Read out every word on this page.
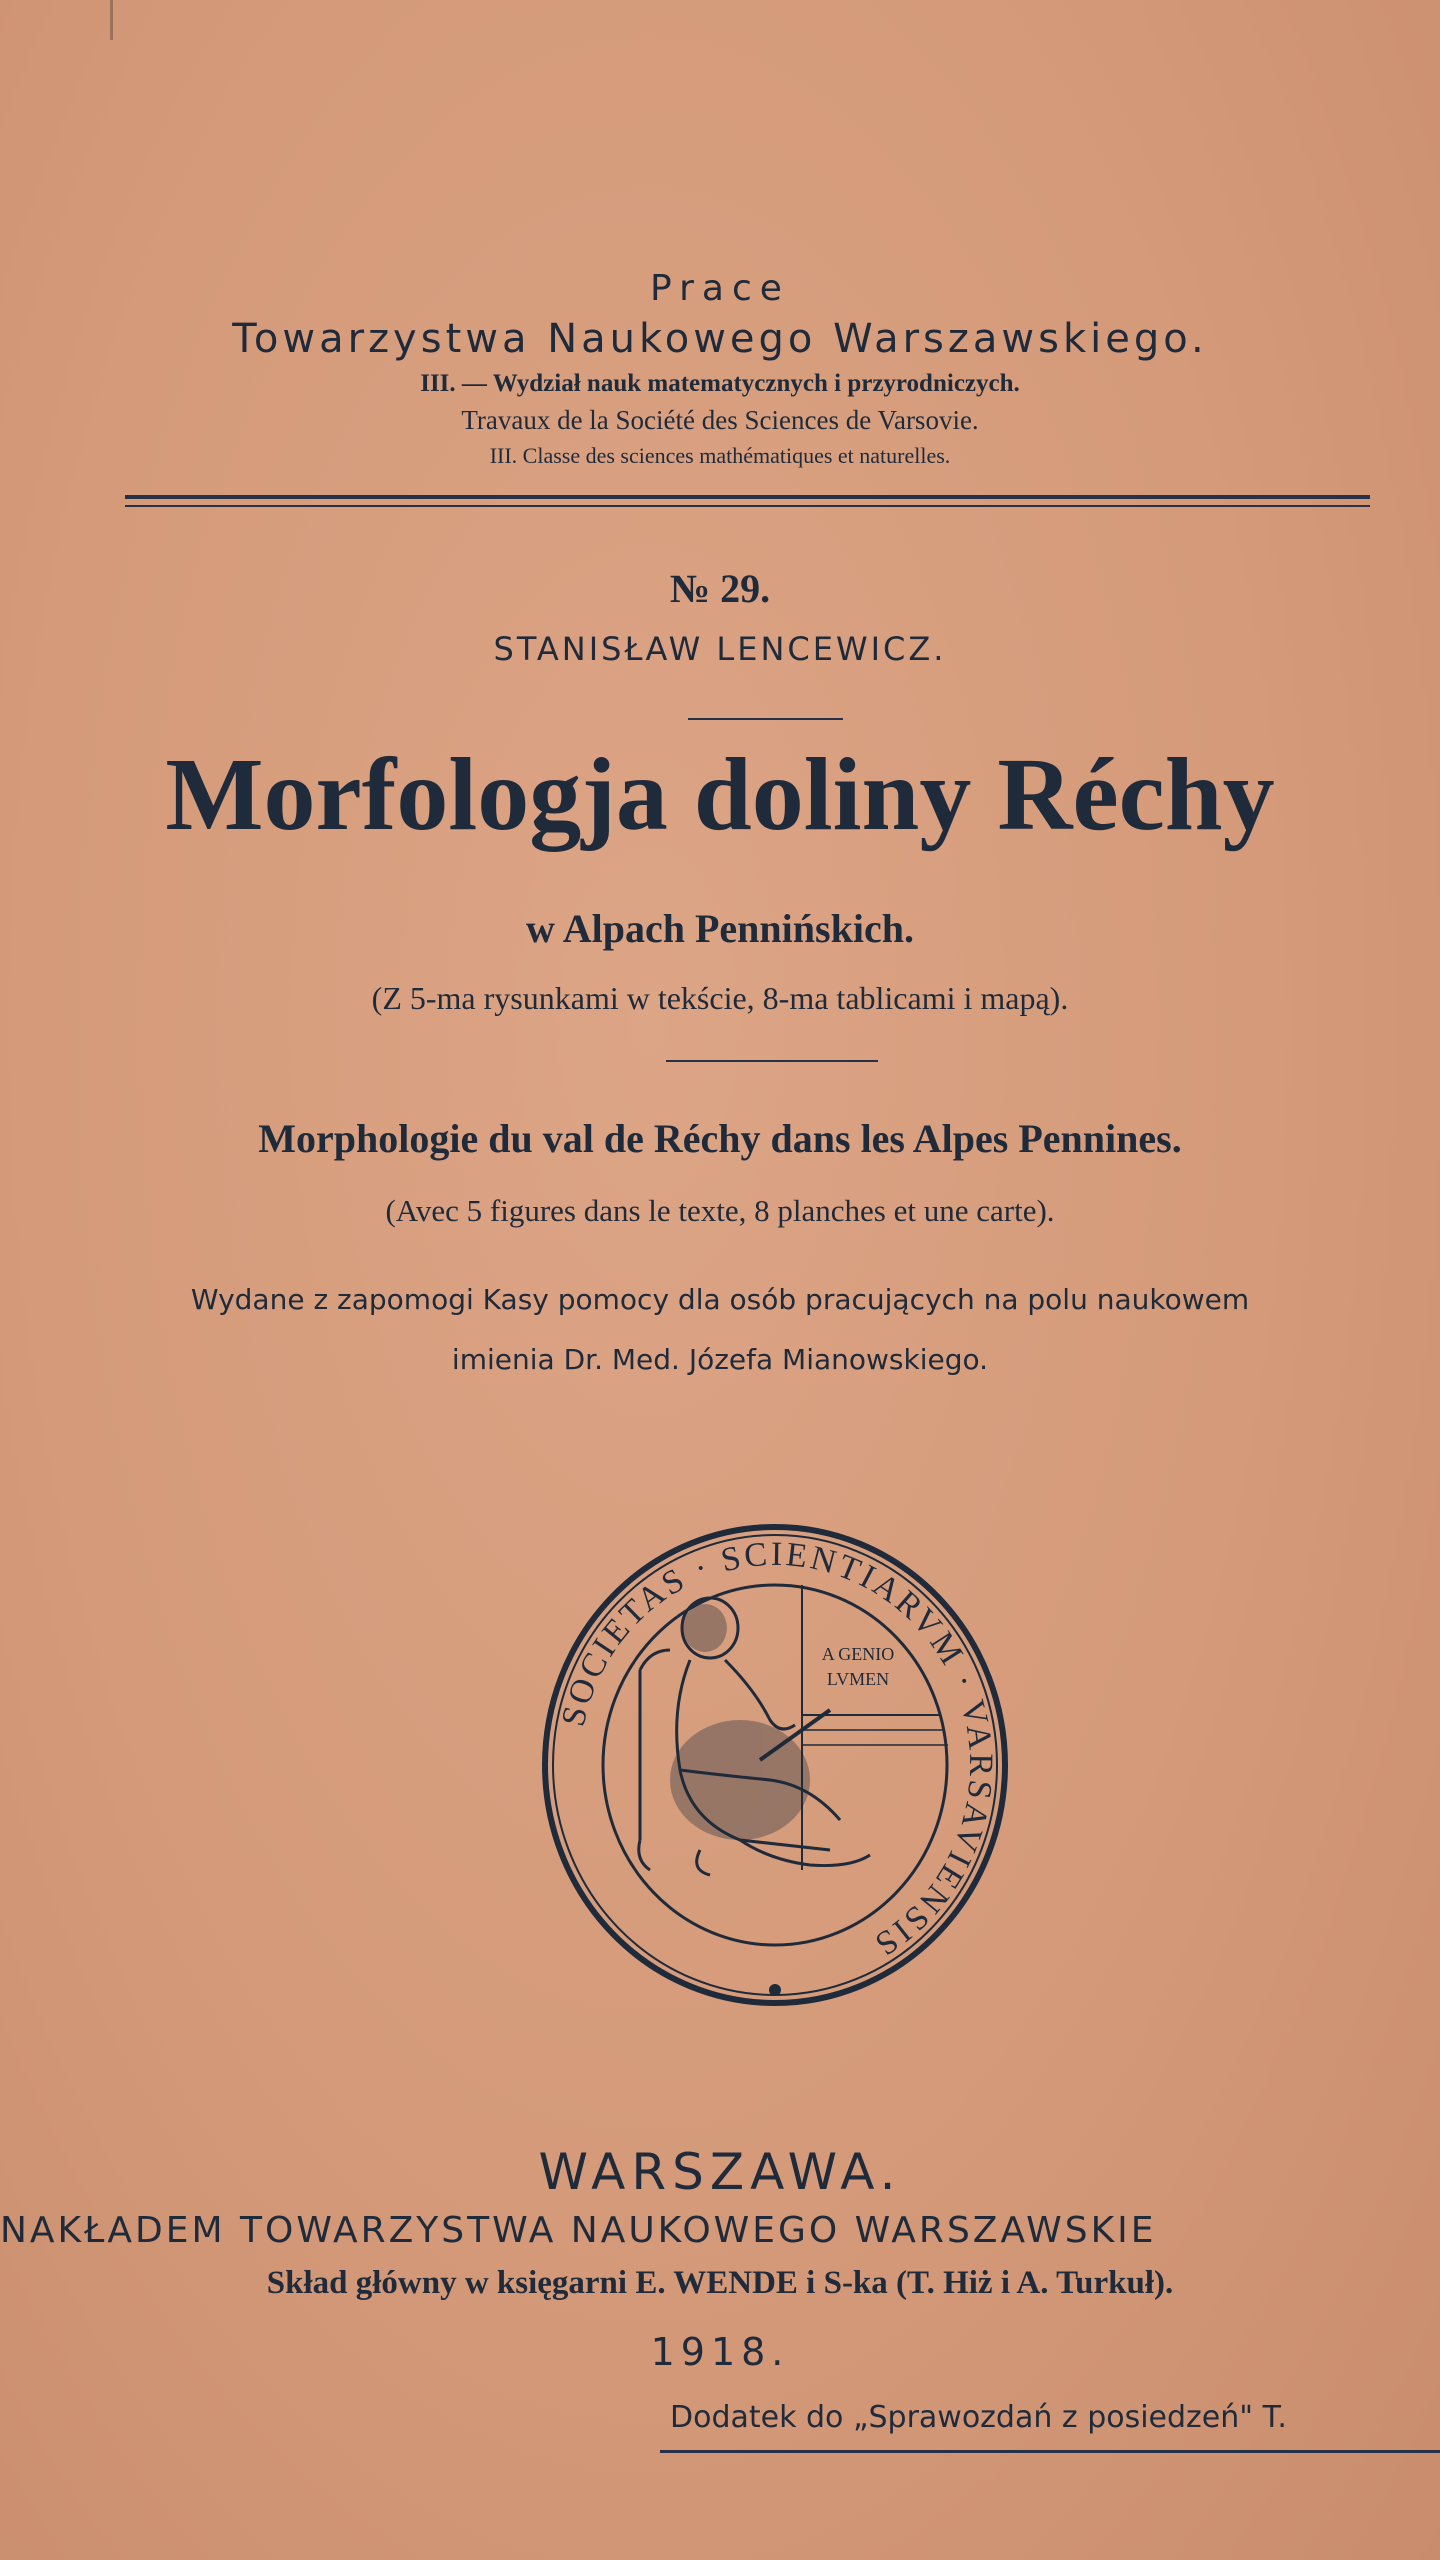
Prace
Towarzystwa Naukowego Warszawskiego.
III. — Wydział nauk matematycznych i przyrodniczych.
Travaux de la Société des Sciences de Varsovie.
III. Classe des sciences mathématiques et naturelles.
№ 29.
STANISŁAW LENCEWICZ.
Morfologja doliny Réchy
w Alpach Pennińskich.
(Z 5-ma rysunkami w tekście, 8-ma tablicami i mapą).
Morphologie du val de Réchy dans les Alpes Pennines.
(Avec 5 figures dans le texte, 8 planches et une carte).
Wydane z zapomogi Kasy pomocy dla osób pracujących na polu naukowem
imienia Dr. Med. Józefa Mianowskiego.
SOCIETAS · SCIENTIARVM · VARSAVIENSIS
A GENIO
LVMEN
WARSZAWA.
NAKŁADEM TOWARZYSTWA NAUKOWEGO WARSZAWSKIE
Skład główny w księgarni E. WENDE i S-ka (T. Hiż i A. Turkuł).
1918.
Dodatek do „Sprawozdań z posiedzeń" T.
